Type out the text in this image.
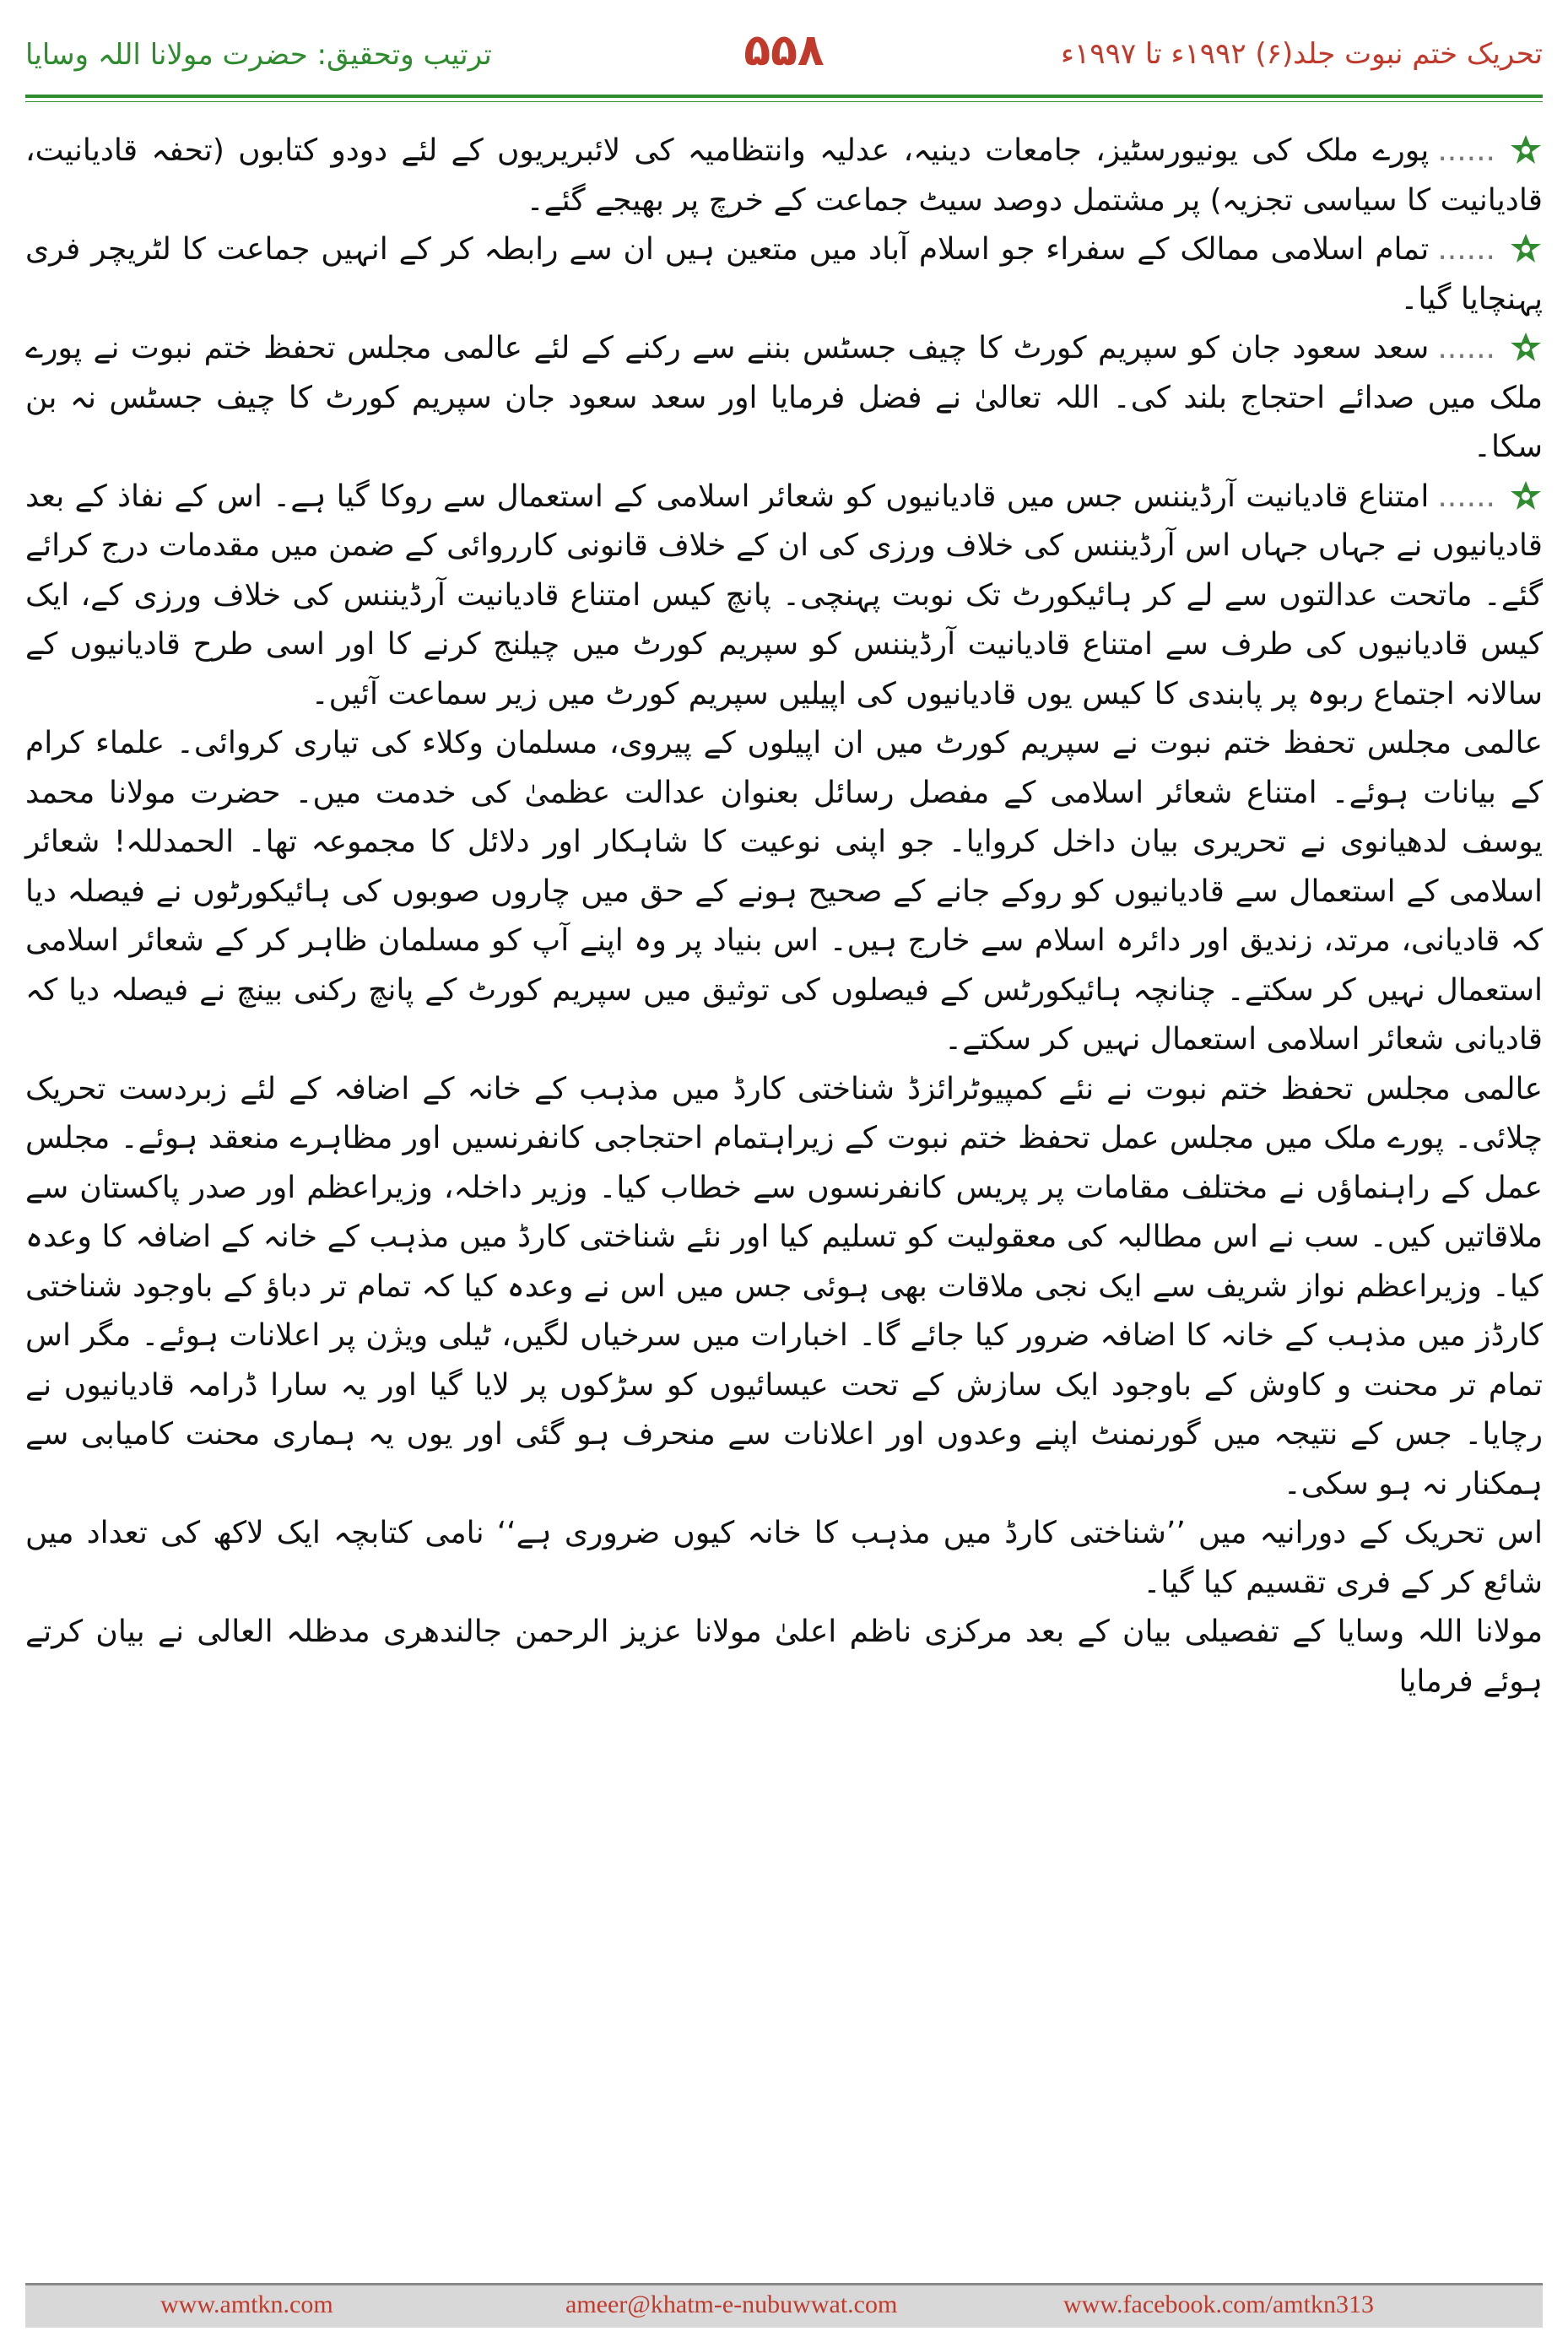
ترتیب وتحقیق: حضرت مولانا اللہ وسایا	۵۵۸	تحریک ختم نبوت جلد(۶) ۱۹۹۲ء تا ۱۹۹۷ء

......پورے ملک کی یونیورسٹیز، جامعات دینیہ، عدلیہ وانتظامیہ کی لائبریریوں کے لئے دودو کتابوں (تحفہ قادیانیت، قادیانیت کا سیاسی تجزیہ) پر مشتمل دوصد سیٹ جماعت کے خرچ پر بھیجے گئے۔

......تمام اسلامی ممالک کے سفراء جو اسلام آباد میں متعین ہیں ان سے رابطہ کر کے انہیں جماعت کا لٹریچر فری پہنچایا گیا۔

......سعد سعود جان کو سپریم کورٹ کا چیف جسٹس بننے سے رکنے کے لئے عالمی مجلس تحفظ ختم نبوت نے پورے ملک میں صدائے احتجاج بلند کی۔ اللہ تعالیٰ نے فضل فرمایا اور سعد سعود جان سپریم کورٹ کا چیف جسٹس نہ بن سکا۔

......امتناع قادیانیت آرڈیننس جس میں قادیانیوں کو شعائر اسلامی کے استعمال سے روکا گیا ہے۔ اس کے نفاذ کے بعد قادیانیوں نے جہاں جہاں اس آرڈیننس کی خلاف ورزی کی ان کے خلاف قانونی کارروائی کے ضمن میں مقدمات درج کرائے گئے۔ ماتحت عدالتوں سے لے کر ہائیکورٹ تک نوبت پہنچی۔ پانچ کیس امتناع قادیانیت آرڈیننس کی خلاف ورزی کے، ایک کیس قادیانیوں کی طرف سے امتناع قادیانیت آرڈیننس کو سپریم کورٹ میں چیلنج کرنے کا اور اسی طرح قادیانیوں کے سالانہ اجتماع ربوہ پر پابندی کا کیس یوں قادیانیوں کی اپیلیں سپریم کورٹ میں زیر سماعت آئیں۔

عالمی مجلس تحفظ ختم نبوت نے سپریم کورٹ میں ان اپیلوں کے پیروی، مسلمان وکلاء کی تیاری کروائی۔ علماء کرام کے بیانات ہوئے۔ امتناع شعائر اسلامی کے مفصل رسائل بعنوان عدالت عظمیٰ کی خدمت میں۔ حضرت مولانا محمد یوسف لدھیانوی نے تحریری بیان داخل کروایا۔ جو اپنی نوعیت کا شاہکار اور دلائل کا مجموعہ تھا۔ الحمدللہ! شعائر اسلامی کے استعمال سے قادیانیوں کو روکے جانے کے صحیح ہونے کے حق میں چاروں صوبوں کی ہائیکورٹوں نے فیصلہ دیا کہ قادیانی، مرتد، زندیق اور دائرہ اسلام سے خارج ہیں۔ اس بنیاد پر وہ اپنے آپ کو مسلمان ظاہر کر کے شعائر اسلامی استعمال نہیں کر سکتے۔ چنانچہ ہائیکورٹس کے فیصلوں کی توثیق میں سپریم کورٹ کے پانچ رکنی بینچ نے فیصلہ دیا کہ قادیانی شعائر اسلامی استعمال نہیں کر سکتے۔

عالمی مجلس تحفظ ختم نبوت نے نئے کمپیوٹرائزڈ شناختی کارڈ میں مذہب کے خانہ کے اضافہ کے لئے زبردست تحریک چلائی۔ پورے ملک میں مجلس عمل تحفظ ختم نبوت کے زیراہتمام احتجاجی کانفرنسیں اور مظاہرے منعقد ہوئے۔ مجلس عمل کے راہنماؤں نے مختلف مقامات پر پریس کانفرنسوں سے خطاب کیا۔ وزیر داخلہ، وزیراعظم اور صدر پاکستان سے ملاقاتیں کیں۔ سب نے اس مطالبہ کی معقولیت کو تسلیم کیا اور نئے شناختی کارڈ میں مذہب کے خانہ کے اضافہ کا وعدہ کیا۔ وزیراعظم نواز شریف سے ایک نجی ملاقات بھی ہوئی جس میں اس نے وعدہ کیا کہ تمام تر دباؤ کے باوجود شناختی کارڈز میں مذہب کے خانہ کا اضافہ ضرور کیا جائے گا۔ اخبارات میں سرخیاں لگیں، ٹیلی ویژن پر اعلانات ہوئے۔ مگر اس تمام تر محنت و کاوش کے باوجود ایک سازش کے تحت عیسائیوں کو سڑکوں پر لایا گیا اور یہ سارا ڈرامہ قادیانیوں نے رچایا۔ جس کے نتیجہ میں گورنمنٹ اپنے وعدوں اور اعلانات سے منحرف ہو گئی اور یوں یہ ہماری محنت کامیابی سے ہمکنار نہ ہو سکی۔

اس تحریک کے دورانیہ میں ’’شناختی کارڈ میں مذہب کا خانہ کیوں ضروری ہے‘‘ نامی کتابچہ ایک لاکھ کی تعداد میں شائع کر کے فری تقسیم کیا گیا۔

مولانا اللہ وسایا کے تفصیلی بیان کے بعد مرکزی ناظم اعلیٰ مولانا عزیز الرحمن جالندھری مدظلہ العالی نے بیان کرتے ہوئے فرمایا

www.amtkn.com	ameer@khatm-e-nubuwwat.com	www.facebook.com/amtkn313
